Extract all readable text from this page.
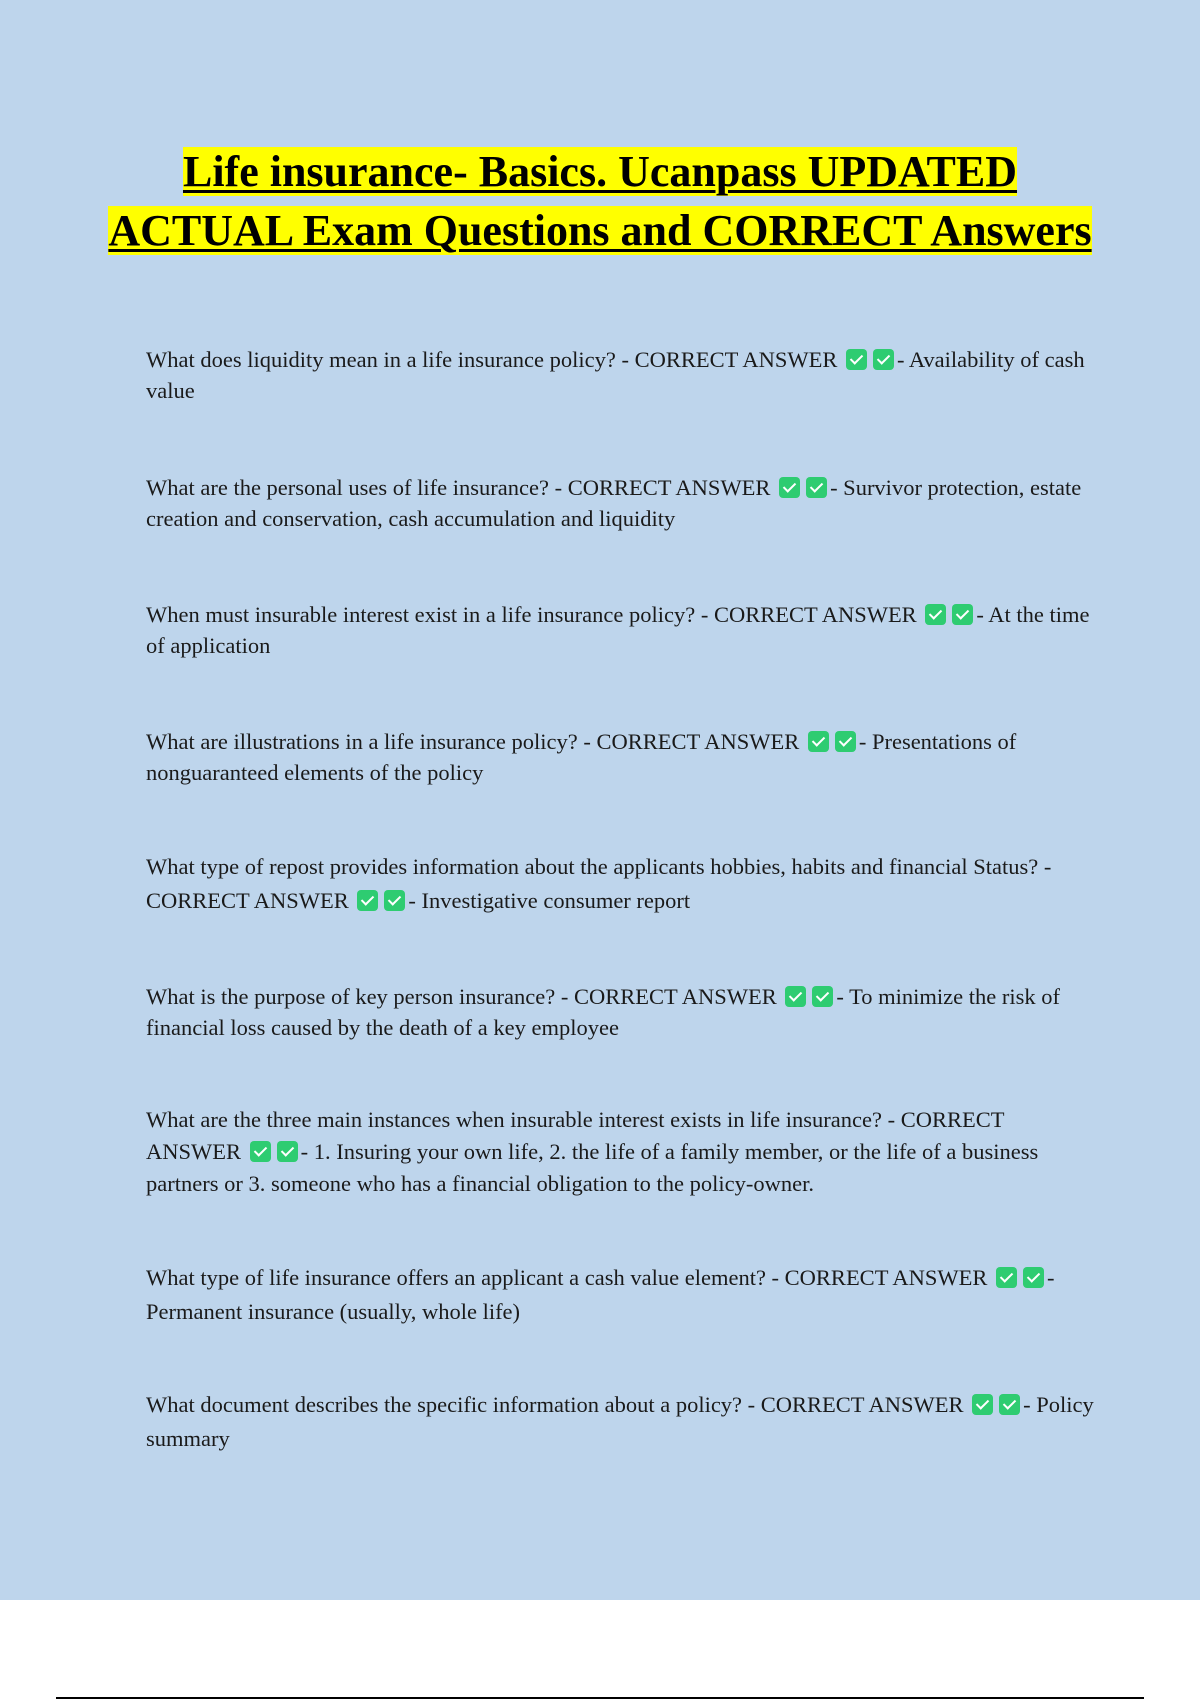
Life insurance- Basics. Ucanpass UPDATED ACTUAL Exam Questions and CORRECT Answers

What does liquidity mean in a life insurance policy? - CORRECT ANSWER - Availability of cash value

What are the personal uses of life insurance? - CORRECT ANSWER - Survivor protection, estate creation and conservation, cash accumulation and liquidity

When must insurable interest exist in a life insurance policy? - CORRECT ANSWER - At the time of application

What are illustrations in a life insurance policy? - CORRECT ANSWER - Presentations of nonguaranteed elements of the policy

What type of repost provides information about the applicants hobbies, habits and financial Status? - CORRECT ANSWER - Investigative consumer report

What is the purpose of key person insurance? - CORRECT ANSWER - To minimize the risk of financial loss caused by the death of a key employee

What are the three main instances when insurable interest exists in life insurance? - CORRECT ANSWER - 1. Insuring your own life, 2. the life of a family member, or the life of a business partners or 3. someone who has a financial obligation to the policy-owner.

What type of life insurance offers an applicant a cash value element? - CORRECT ANSWER - Permanent insurance (usually, whole life)

What document describes the specific information about a policy? - CORRECT ANSWER - Policy summary
